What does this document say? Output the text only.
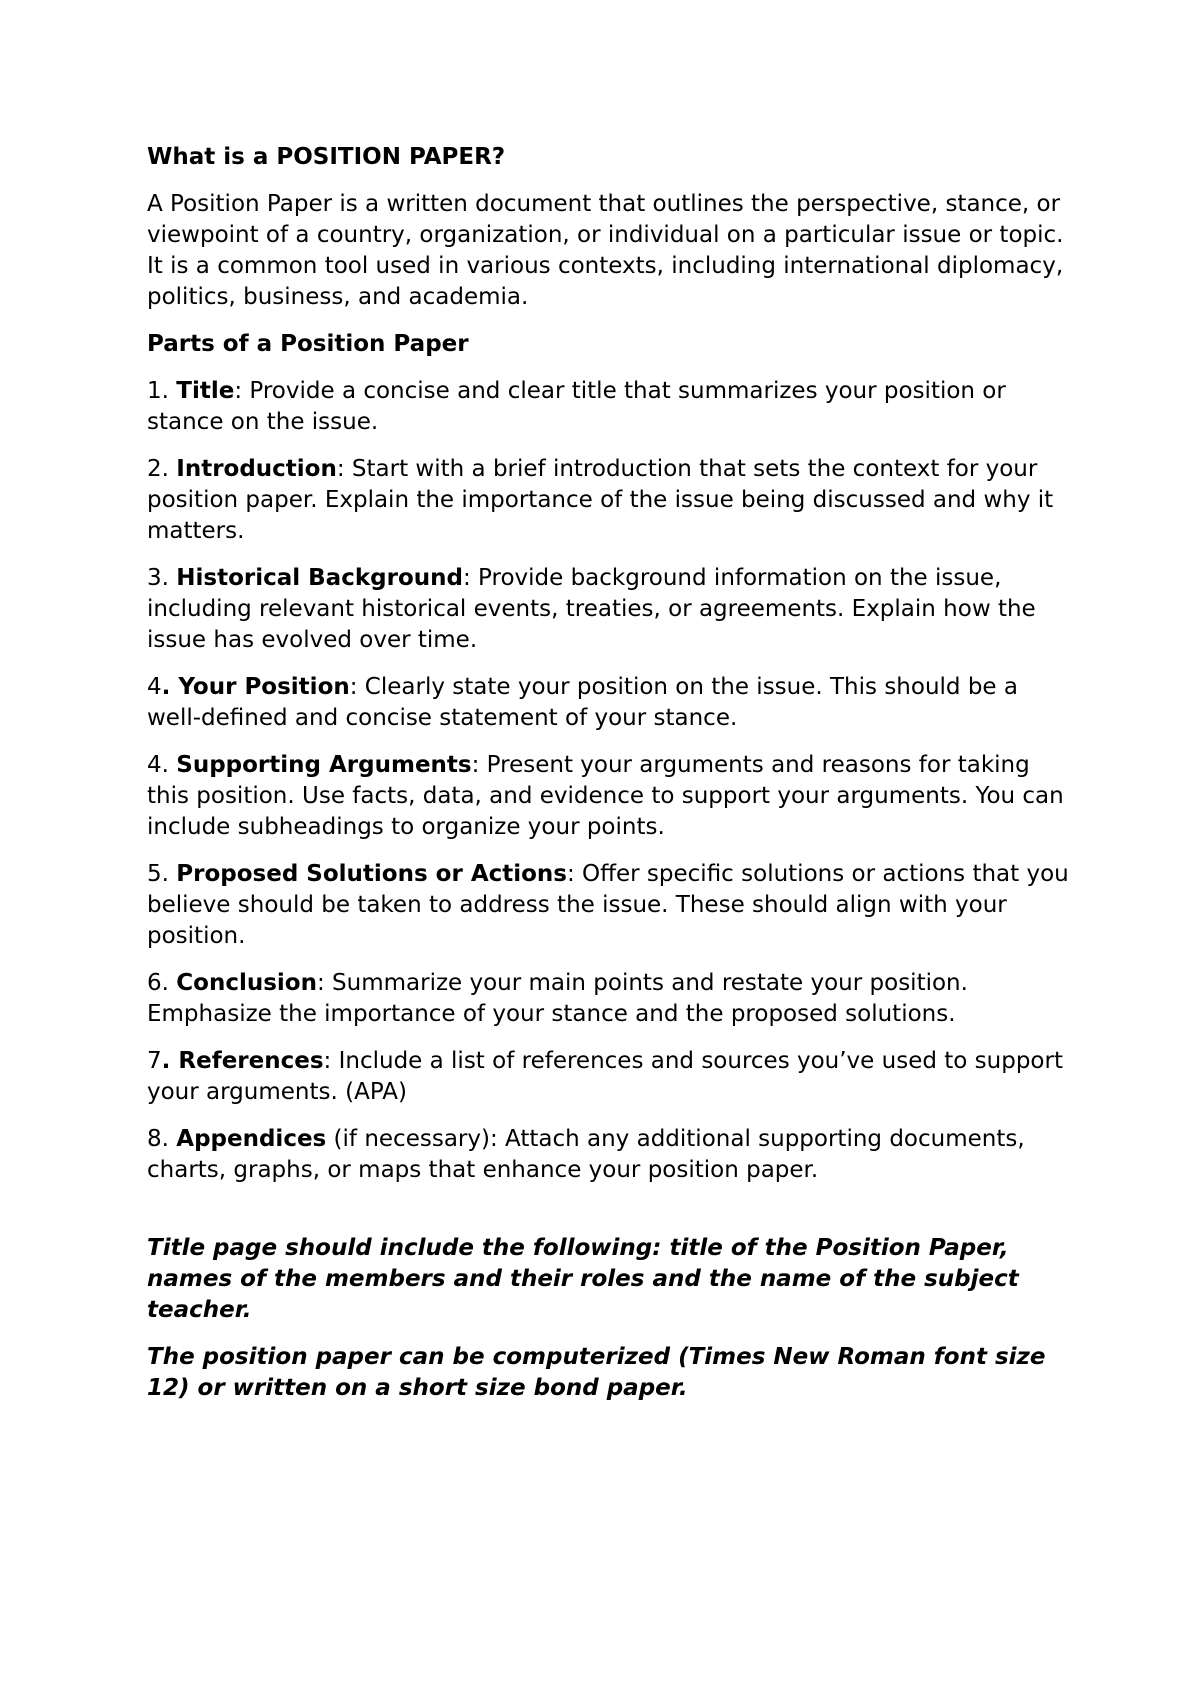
What is a POSITION PAPER?

A Position Paper is a written document that outlines the perspective, stance, or viewpoint of a country, organization, or individual on a particular issue or topic. It is a common tool used in various contexts, including international diplomacy, politics, business, and academia.

Parts of a Position Paper

1. Title: Provide a concise and clear title that summarizes your position or stance on the issue.

2. Introduction: Start with a brief introduction that sets the context for your position paper. Explain the importance of the issue being discussed and why it matters.

3. Historical Background: Provide background information on the issue, including relevant historical events, treaties, or agreements. Explain how the issue has evolved over time.

4. Your Position: Clearly state your position on the issue. This should be a well-defined and concise statement of your stance.

4. Supporting Arguments: Present your arguments and reasons for taking this position. Use facts, data, and evidence to support your arguments. You can include subheadings to organize your points.

5. Proposed Solutions or Actions: Offer specific solutions or actions that you believe should be taken to address the issue. These should align with your position.

6. Conclusion: Summarize your main points and restate your position. Emphasize the importance of your stance and the proposed solutions.

7. References: Include a list of references and sources you’ve used to support your arguments. (APA)

8. Appendices (if necessary): Attach any additional supporting documents, charts, graphs, or maps that enhance your position paper.

Title page should include the following: title of the Position Paper, names of the members and their roles and the name of the subject teacher.

The position paper can be computerized (Times New Roman font size 12) or written on a short size bond paper.
